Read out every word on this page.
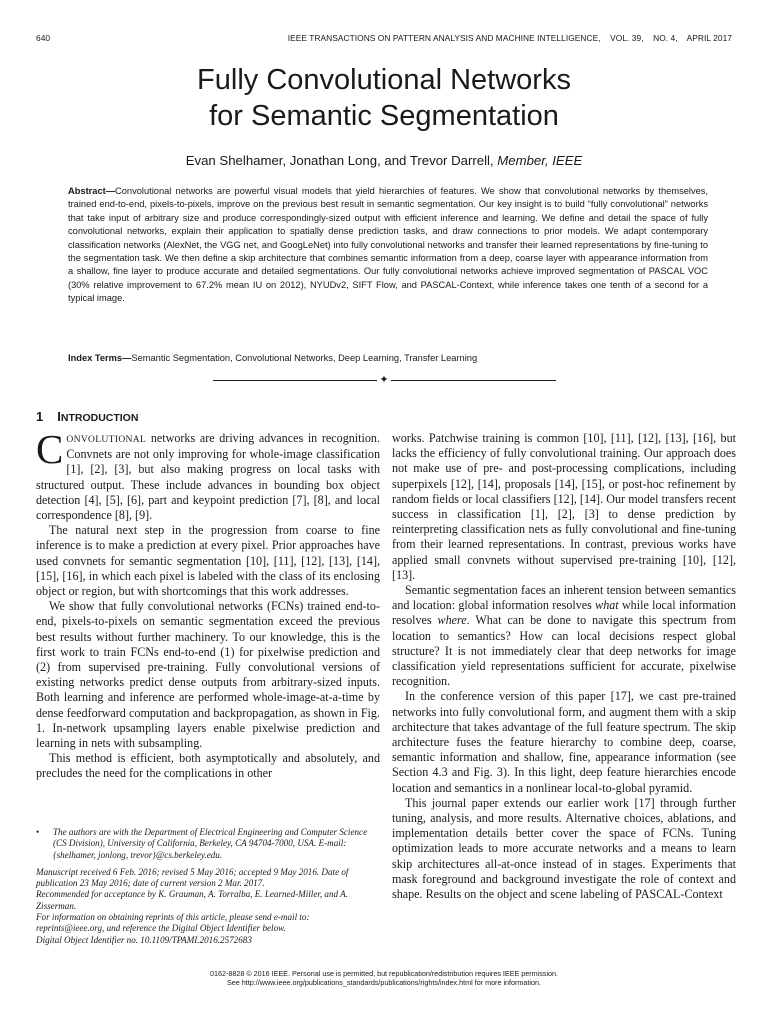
640	IEEE TRANSACTIONS ON PATTERN ANALYSIS AND MACHINE INTELLIGENCE,    VOL. 39,    NO. 4,    APRIL 2017
Fully Convolutional Networks
for Semantic Segmentation
Evan Shelhamer, Jonathan Long, and Trevor Darrell, Member, IEEE
Abstract—Convolutional networks are powerful visual models that yield hierarchies of features. We show that convolutional networks by themselves, trained end-to-end, pixels-to-pixels, improve on the previous best result in semantic segmentation. Our key insight is to build “fully convolutional” networks that take input of arbitrary size and produce correspondingly-sized output with efficient inference and learning. We define and detail the space of fully convolutional networks, explain their application to spatially dense prediction tasks, and draw connections to prior models. We adapt contemporary classification networks (AlexNet, the VGG net, and GoogLeNet) into fully convolutional networks and transfer their learned representations by fine-tuning to the segmentation task. We then define a skip architecture that combines semantic information from a deep, coarse layer with appearance information from a shallow, fine layer to produce accurate and detailed segmentations. Our fully convolutional networks achieve improved segmentation of PASCAL VOC (30% relative improvement to 67.2% mean IU on 2012), NYUDv2, SIFT Flow, and PASCAL-Context, while inference takes one tenth of a second for a typical image.
Index Terms—Semantic Segmentation, Convolutional Networks, Deep Learning, Transfer Learning
✦
1 INTRODUCTION

CONVOLUTIONAL networks are driving advances in recognition. Convnets are not only improving for whole-image classification [1], [2], [3], but also making progress on local tasks with structured output. These include advances in bounding box object detection [4], [5], [6], part and keypoint prediction [7], [8], and local correspondence [8], [9].

The natural next step in the progression from coarse to fine inference is to make a prediction at every pixel. Prior approaches have used convnets for semantic segmentation [10], [11], [12], [13], [14], [15], [16], in which each pixel is labeled with the class of its enclosing object or region, but with shortcomings that this work addresses.

We show that fully convolutional networks (FCNs) trained end-to-end, pixels-to-pixels on semantic segmentation exceed the previous best results without further machinery. To our knowledge, this is the first work to train FCNs end-to-end (1) for pixelwise prediction and (2) from supervised pre-training. Fully convolutional versions of existing networks predict dense outputs from arbitrary-sized inputs. Both learning and inference are performed whole-image-at-a-time by dense feedforward computation and backpropagation, as shown in Fig. 1. In-network upsampling layers enable pixelwise prediction and learning in nets with subsampling.

This method is efficient, both asymptotically and absolutely, and precludes the need for the complications in other

• The authors are with the Department of Electrical Engineering and Computer Science (CS Division), University of California, Berkeley, CA 94704-7000, USA. E-mail: {shelhamer, jonlong, trevor}@cs.berkeley.edu.
Manuscript received 6 Feb. 2016; revised 5 May 2016; accepted 9 May 2016. Date of publication 23 May 2016; date of current version 2 Mar. 2017.
Recommended for acceptance by K. Grauman, A. Torralba, E. Learned-Miller, and A. Zisserman.
For information on obtaining reprints of this article, please send e-mail to: reprints@ieee.org, and reference the Digital Object Identifier below.
Digital Object Identifier no. 10.1109/TPAMI.2016.2572683

works. Patchwise training is common [10], [11], [12], [13], [16], but lacks the efficiency of fully convolutional training. Our approach does not make use of pre- and post-processing complications, including superpixels [12], [14], proposals [14], [15], or post-hoc refinement by random fields or local classifiers [12], [14]. Our model transfers recent success in classification [1], [2], [3] to dense prediction by reinterpreting classification nets as fully convolutional and fine-tuning from their learned representations. In contrast, previous works have applied small convnets without supervised pre-training [10], [12], [13].

Semantic segmentation faces an inherent tension between semantics and location: global information resolves what while local information resolves where. What can be done to navigate this spectrum from location to semantics? How can local decisions respect global structure? It is not immediately clear that deep networks for image classification yield representations sufficient for accurate, pixelwise recognition.

In the conference version of this paper [17], we cast pre-trained networks into fully convolutional form, and augment them with a skip architecture that takes advantage of the full feature spectrum. The skip architecture fuses the feature hierarchy to combine deep, coarse, semantic information and shallow, fine, appearance information (see Section 4.3 and Fig. 3). In this light, deep feature hierarchies encode location and semantics in a nonlinear local-to-global pyramid.

This journal paper extends our earlier work [17] through further tuning, analysis, and more results. Alternative choices, ablations, and implementation details better cover the space of FCNs. Tuning optimization leads to more accurate networks and a means to learn skip architectures all-at-once instead of in stages. Experiments that mask foreground and background investigate the role of context and shape. Results on the object and scene labeling of PASCAL-Context

0162-8828 © 2016 IEEE. Personal use is permitted, but republication/redistribution requires IEEE permission.
See http://www.ieee.org/publications_standards/publications/rights/index.html for more information.
